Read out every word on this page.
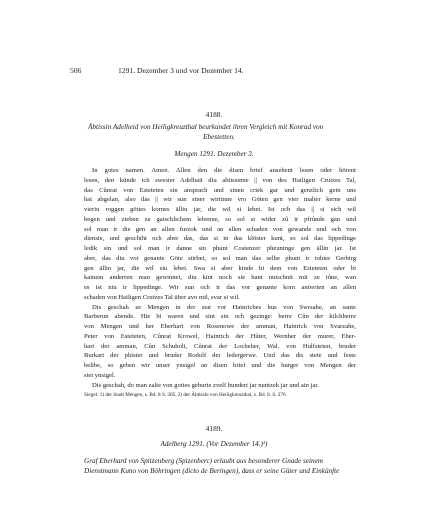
506	1291. Dezember 3 und vor Dezember 14.
4188.
Äbtissin Adelheid von Heiligkreuzthal beurkundet ihren Vergleich mit Konrad von
Ebestetten.
Mengen 1291. Dezember 3.

In gotes namen. Amen. Allen den die disen brief ansehent lesen oder hörent
lesen, den künde ich swester Adelhait diu abtissinne || von des Hailigen Crutzes Tal,
das Cůnrat von Esteteten sin ansprach und sinen criek gar und genzlich gein uns
hat abgelan, also das || wir sun siner wirtinne vro Göten gen vier malter kerne und
vieriu roggen göttes kornes älliu jar, die wil si lebet. Ist och das || si sich wil
begen und zieben ze gaischlichem lebenne, so sol si wider zů ir pfrůnde gan und
sol man ir die gen an allen furzok und an allen schaden von gewande und och von
dienste, und geschiht och aber das, das si in das klöster kunt, so sol das lippedinge
ledik sin und sol man ir danne sin phunt Costenzer pheuninge gen ällin jar. Ist
aber, das diu vor genante Göte stirbet, so sol man das selbe phunt ir tohter Gerbirg
gen ällin jar, die wil siu lebet. Swa si aber kinde bi dem von Esteteten oder bi
kainem anderren man gewinnet, diu kint noch sie hant nutschnit mit ze tůne, wan
es ist niu ir lippedinge. Wir sun och ir das vor genante korn antwrten an allen
schaden von Hailigen Crutzes Tal über avo mil, svar si wil.

Dis geschah ze Mengen in der stat vor Hainriches hus von Swrsahe, an sante
Barberun abende. Hie bi waren und sint sin och gezinge: herre Cůn der kilchherre
von Mengen und her Eberhart von Rosenowe der amman, Hainrich von Svarzahe,
Peter von Esteteten, Cůnrat Krowel, Hainrich der Hůter, Wernher der murer, Eber-
hart der amman, Cůn Schuholi, Cůnrat der Locheher, Wal. von Hulfsteten, bruder
Burkart der phister und bruder Rodolf der ledergerwe. Und das dis stete und feste
belibe, so geben wir unser ynsigel an disen brief und die burger von Mengen der
stet ynsigel.

Dis geschah, do man zalte von gottes geburte zvelf hundert jar nuntzek jar und ain jar.

Siegel: 1) der Stadt Mengen, s. Bd. 8 S. 305. 2) der Äbtissin von Heiligkreuzthal, s. Bd. 8. S. 276.
4189.
Adelberg 1291. (Vor Dezember 14.)¹)
Graf Eberhard von Spitzenberg (Spizenberc) erlaubt aus besonderer Gnade seinem
Dienstmann Kuno von Böhringen (dicto de Beringen), dass er seine Güter und Einkünfte
